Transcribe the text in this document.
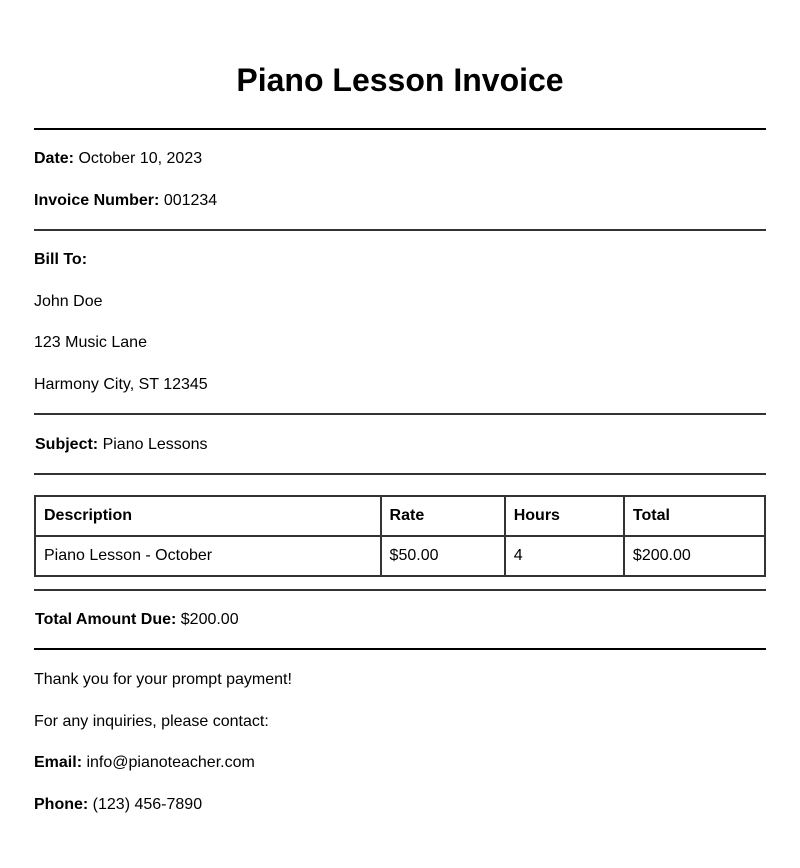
Piano Lesson Invoice
Date: October 10, 2023
Invoice Number: 001234
Bill To:
John Doe
123 Music Lane
Harmony City, ST 12345
Subject: Piano Lessons
Description	Rate	Hours	Total
Piano Lesson - October	$50.00	4	$200.00
Total Amount Due: $200.00
Thank you for your prompt payment!
For any inquiries, please contact:
Email: info@pianoteacher.com
Phone: (123) 456-7890
